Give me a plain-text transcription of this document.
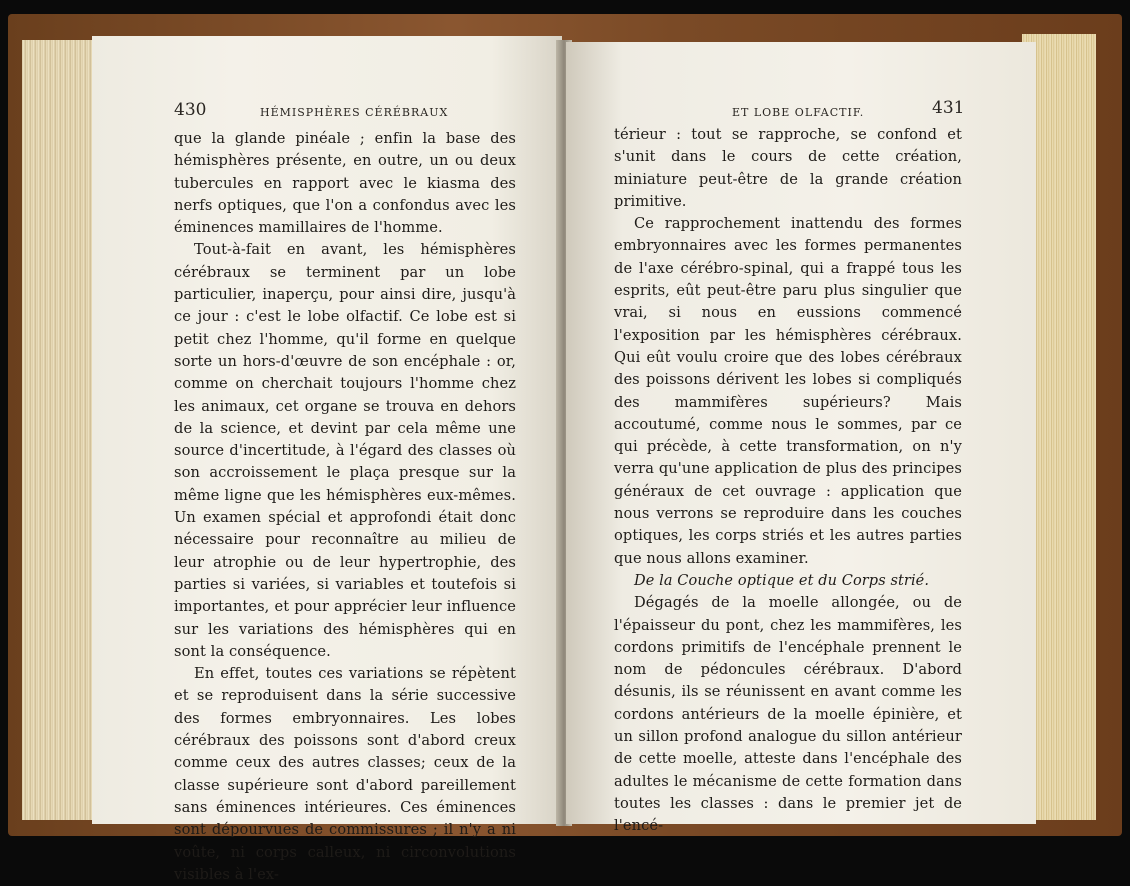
430	HÉMISPHÈRES CÉRÉBRAUX

que la glande pinéale ; enfin la base des hémisphères présente, en outre, un ou deux tubercules en rapport avec le kiasma des nerfs optiques, que l'on a confondus avec les éminences mamillaires de l'homme.

Tout-à-fait en avant, les hémisphères cérébraux se terminent par un lobe particulier, inaperçu, pour ainsi dire, jusqu'à ce jour : c'est le lobe olfactif. Ce lobe est si petit chez l'homme, qu'il forme en quelque sorte un hors-d'œuvre de son encéphale : or, comme on cherchait toujours l'homme chez les animaux, cet organe se trouva en dehors de la science, et devint par cela même une source d'incertitude, à l'égard des classes où son accroissement le plaça presque sur la même ligne que les hémisphères eux-mêmes. Un examen spécial et approfondi était donc nécessaire pour reconnaître au milieu de leur atrophie ou de leur hypertrophie, des parties si variées, si variables et toutefois si importantes, et pour apprécier leur influence sur les variations des hémisphères qui en sont la conséquence.

En effet, toutes ces variations se répètent et se reproduisent dans la série successive des formes embryonnaires. Les lobes cérébraux des poissons sont d'abord creux comme ceux des autres classes; ceux de la classe supérieure sont d'abord pareillement sans éminences intérieures. Ces éminences sont dépourvues de commissures ; il n'y a ni voûte, ni corps calleux, ni circonvolutions visibles à l'ex-

ET LOBE OLFACTIF.	431

térieur : tout se rapproche, se confond et s'unit dans le cours de cette création, miniature peut-être de la grande création primitive.

Ce rapprochement inattendu des formes embryonnaires avec les formes permanentes de l'axe cérébro-spinal, qui a frappé tous les esprits, eût peut-être paru plus singulier que vrai, si nous en eussions commencé l'exposition par les hémisphères cérébraux. Qui eût voulu croire que des lobes cérébraux des poissons dérivent les lobes si compliqués des mammifères supérieurs? Mais accoutumé, comme nous le sommes, par ce qui précède, à cette transformation, on n'y verra qu'une application de plus des principes généraux de cet ouvrage : application que nous verrons se reproduire dans les couches optiques, les corps striés et les autres parties que nous allons examiner.

De la Couche optique et du Corps strié.

Dégagés de la moelle allongée, ou de l'épaisseur du pont, chez les mammifères, les cordons primitifs de l'encéphale prennent le nom de pédoncules cérébraux. D'abord désunis, ils se réunissent en avant comme les cordons antérieurs de la moelle épinière, et un sillon profond analogue du sillon antérieur de cette moelle, atteste dans l'encéphale des adultes le mécanisme de cette formation dans toutes les classes : dans le premier jet de l'encé-
